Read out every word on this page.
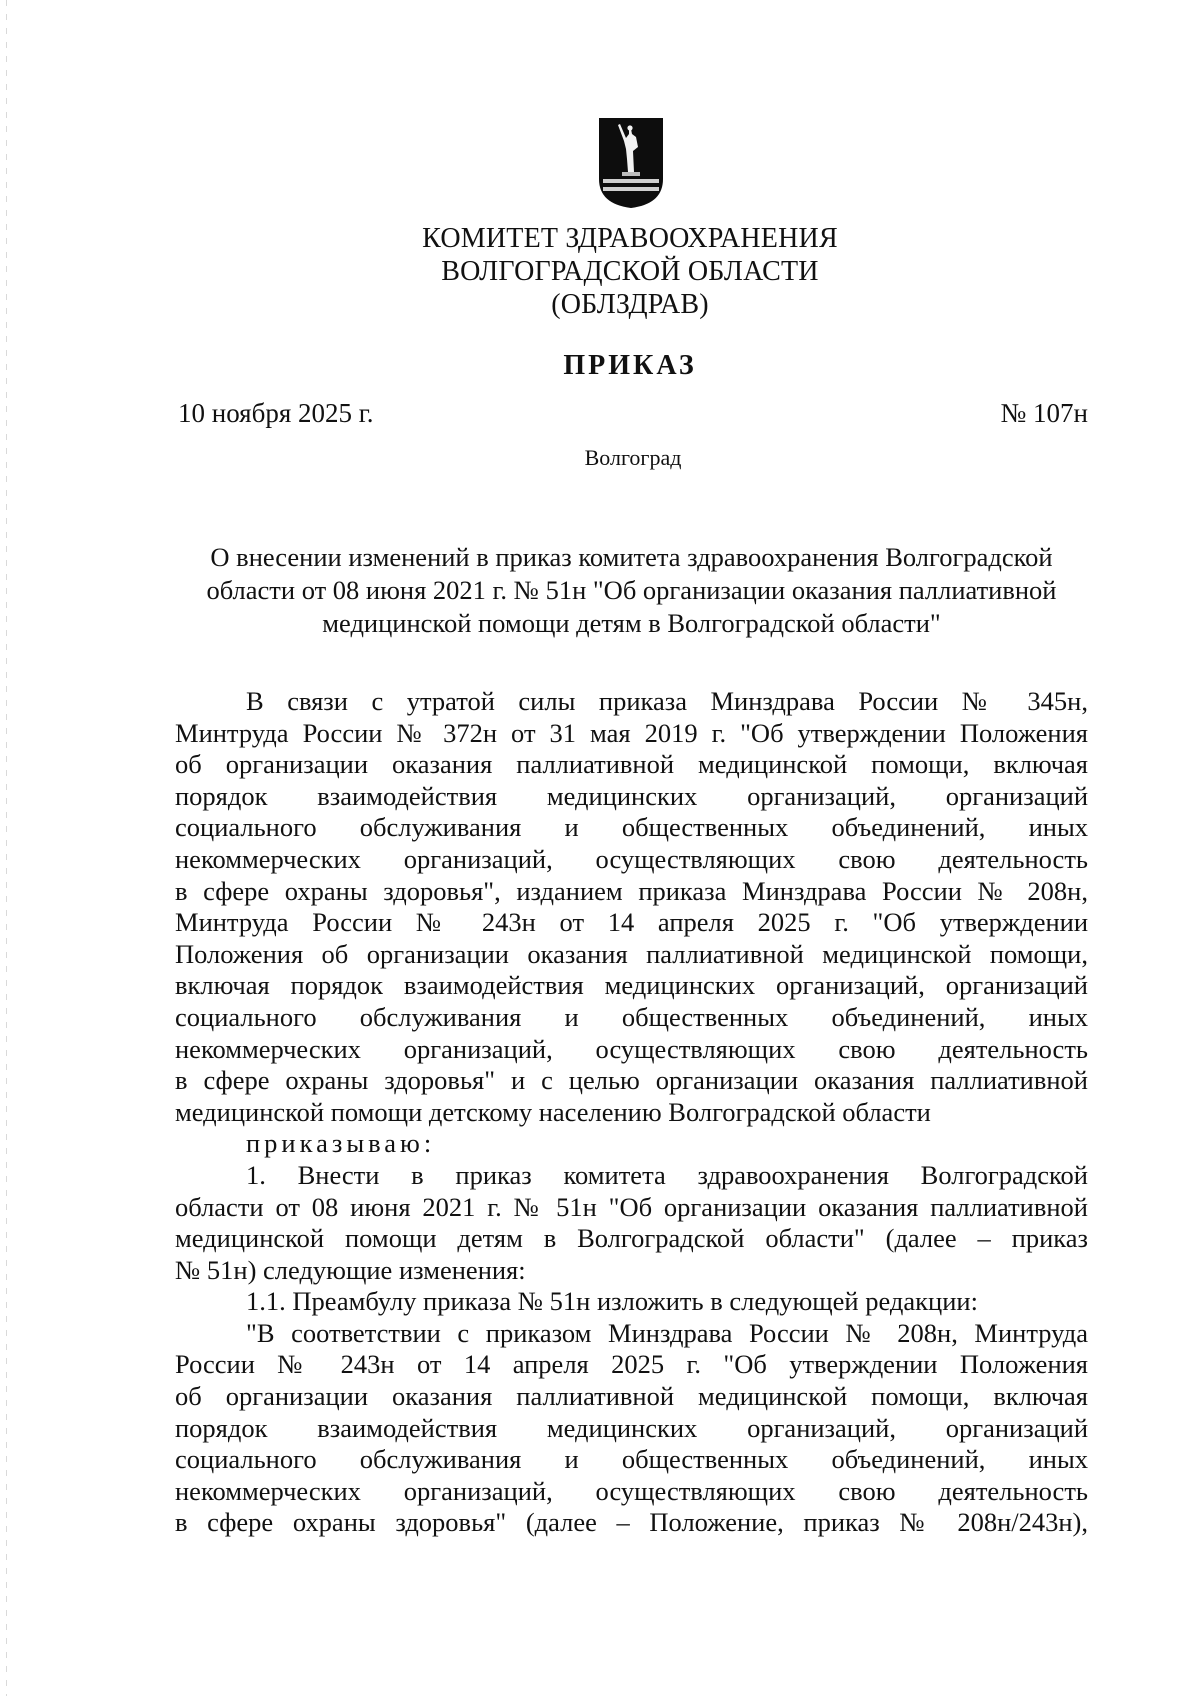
КОМИТЕТ ЗДРАВООХРАНЕНИЯ
ВОЛГОГРАДСКОЙ ОБЛАСТИ
(ОБЛЗДРАВ)
ПРИКАЗ
10 ноября 2025 г.	№ 107н
Волгоград
О внесении изменений в приказ комитета здравоохранения Волгоградской
области от 08 июня 2021 г. № 51н "Об организации оказания паллиативной
медицинской помощи детям в Волгоградской области"
В связи с утратой силы приказа Минздрава России № 345н,
Минтруда России № 372н от 31 мая 2019 г. "Об утверждении Положения
об организации оказания паллиативной медицинской помощи, включая
порядок взаимодействия медицинских организаций, организаций
социального обслуживания и общественных объединений, иных
некоммерческих организаций, осуществляющих свою деятельность
в сфере охраны здоровья", изданием приказа Минздрава России № 208н,
Минтруда России № 243н от 14 апреля 2025 г. "Об утверждении
Положения об организации оказания паллиативной медицинской помощи,
включая порядок взаимодействия медицинских организаций, организаций
социального обслуживания и общественных объединений, иных
некоммерческих организаций, осуществляющих свою деятельность
в сфере охраны здоровья" и с целью организации оказания паллиативной
медицинской помощи детскому населению Волгоградской области
приказываю:
1. Внести в приказ комитета здравоохранения Волгоградской
области от 08 июня 2021 г. № 51н "Об организации оказания паллиативной
медицинской помощи детям в Волгоградской области" (далее – приказ
№ 51н) следующие изменения:
1.1. Преамбулу приказа № 51н изложить в следующей редакции:
"В соответствии с приказом Минздрава России № 208н, Минтруда
России № 243н от 14 апреля 2025 г. "Об утверждении Положения
об организации оказания паллиативной медицинской помощи, включая
порядок взаимодействия медицинских организаций, организаций
социального обслуживания и общественных объединений, иных
некоммерческих организаций, осуществляющих свою деятельность
в сфере охраны здоровья" (далее – Положение, приказ № 208н/243н),
